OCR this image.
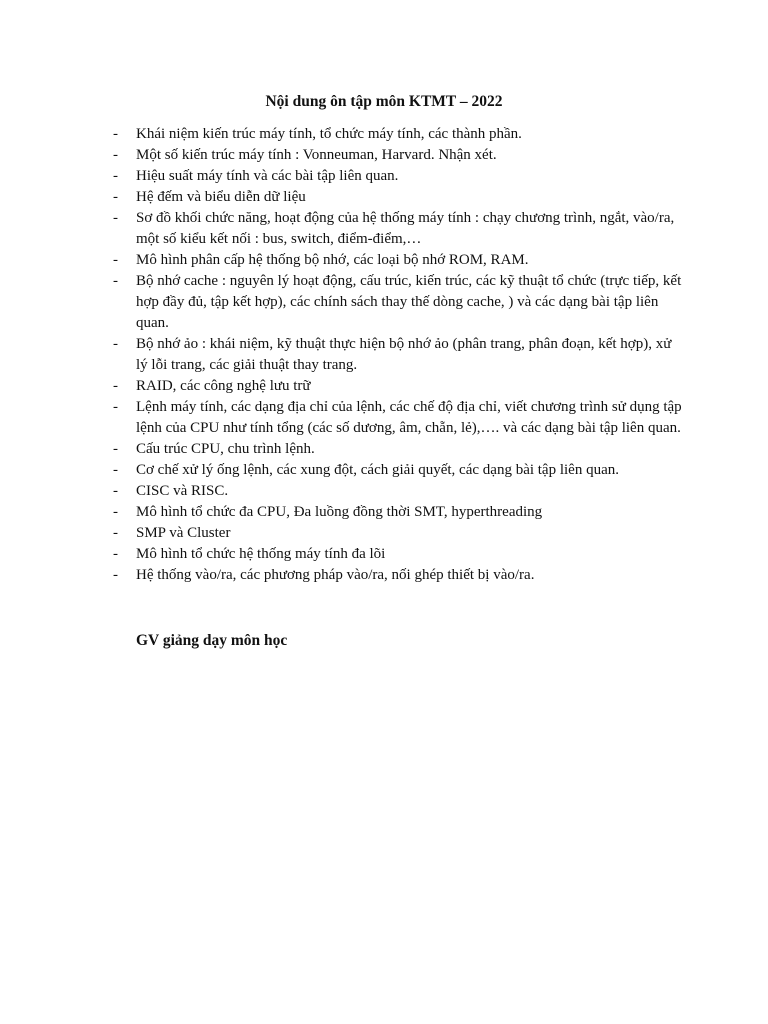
Nội dung ôn tập môn KTMT – 2022
- Khái niệm kiến trúc máy tính, tổ chức máy tính, các thành phần.
- Một số kiến trúc máy tính : Vonneuman, Harvard. Nhận xét.
- Hiệu suất máy tính và các bài tập liên quan.
- Hệ đếm và biểu diễn dữ liệu
- Sơ đồ khối chức năng, hoạt động của hệ thống máy tính : chạy chương trình, ngắt, vào/ra, một số kiểu kết nối : bus, switch, điểm-điểm,…
- Mô hình phân cấp hệ thống bộ nhớ, các loại bộ nhớ ROM, RAM.
- Bộ nhớ cache : nguyên lý hoạt động, cấu trúc, kiến trúc, các kỹ thuật tổ chức (trực tiếp, kết hợp đầy đủ, tập kết hợp), các chính sách thay thế dòng cache, ) và các dạng bài tập liên quan.
- Bộ nhớ ảo : khái niệm, kỹ thuật thực hiện bộ nhớ ảo (phân trang, phân đoạn, kết hợp), xử lý lỗi trang, các giải thuật thay trang.
- RAID, các công nghệ lưu trữ
- Lệnh máy tính, các dạng địa chỉ của lệnh, các chế độ địa chỉ, viết chương trình sử dụng tập lệnh của CPU như tính tổng (các số dương, âm, chẵn, lẻ),…. và các dạng bài tập liên quan.
- Cấu trúc CPU, chu trình lệnh.
- Cơ chế xử lý ống lệnh, các xung đột, cách giải quyết, các dạng bài tập liên quan.
- CISC và RISC.
- Mô hình tổ chức đa CPU, Đa luồng đồng thời SMT, hyperthreading
- SMP và Cluster
- Mô hình tổ chức hệ thống máy tính đa lõi
- Hệ thống vào/ra, các phương pháp vào/ra, nối ghép thiết bị vào/ra.

GV giảng dạy môn học
